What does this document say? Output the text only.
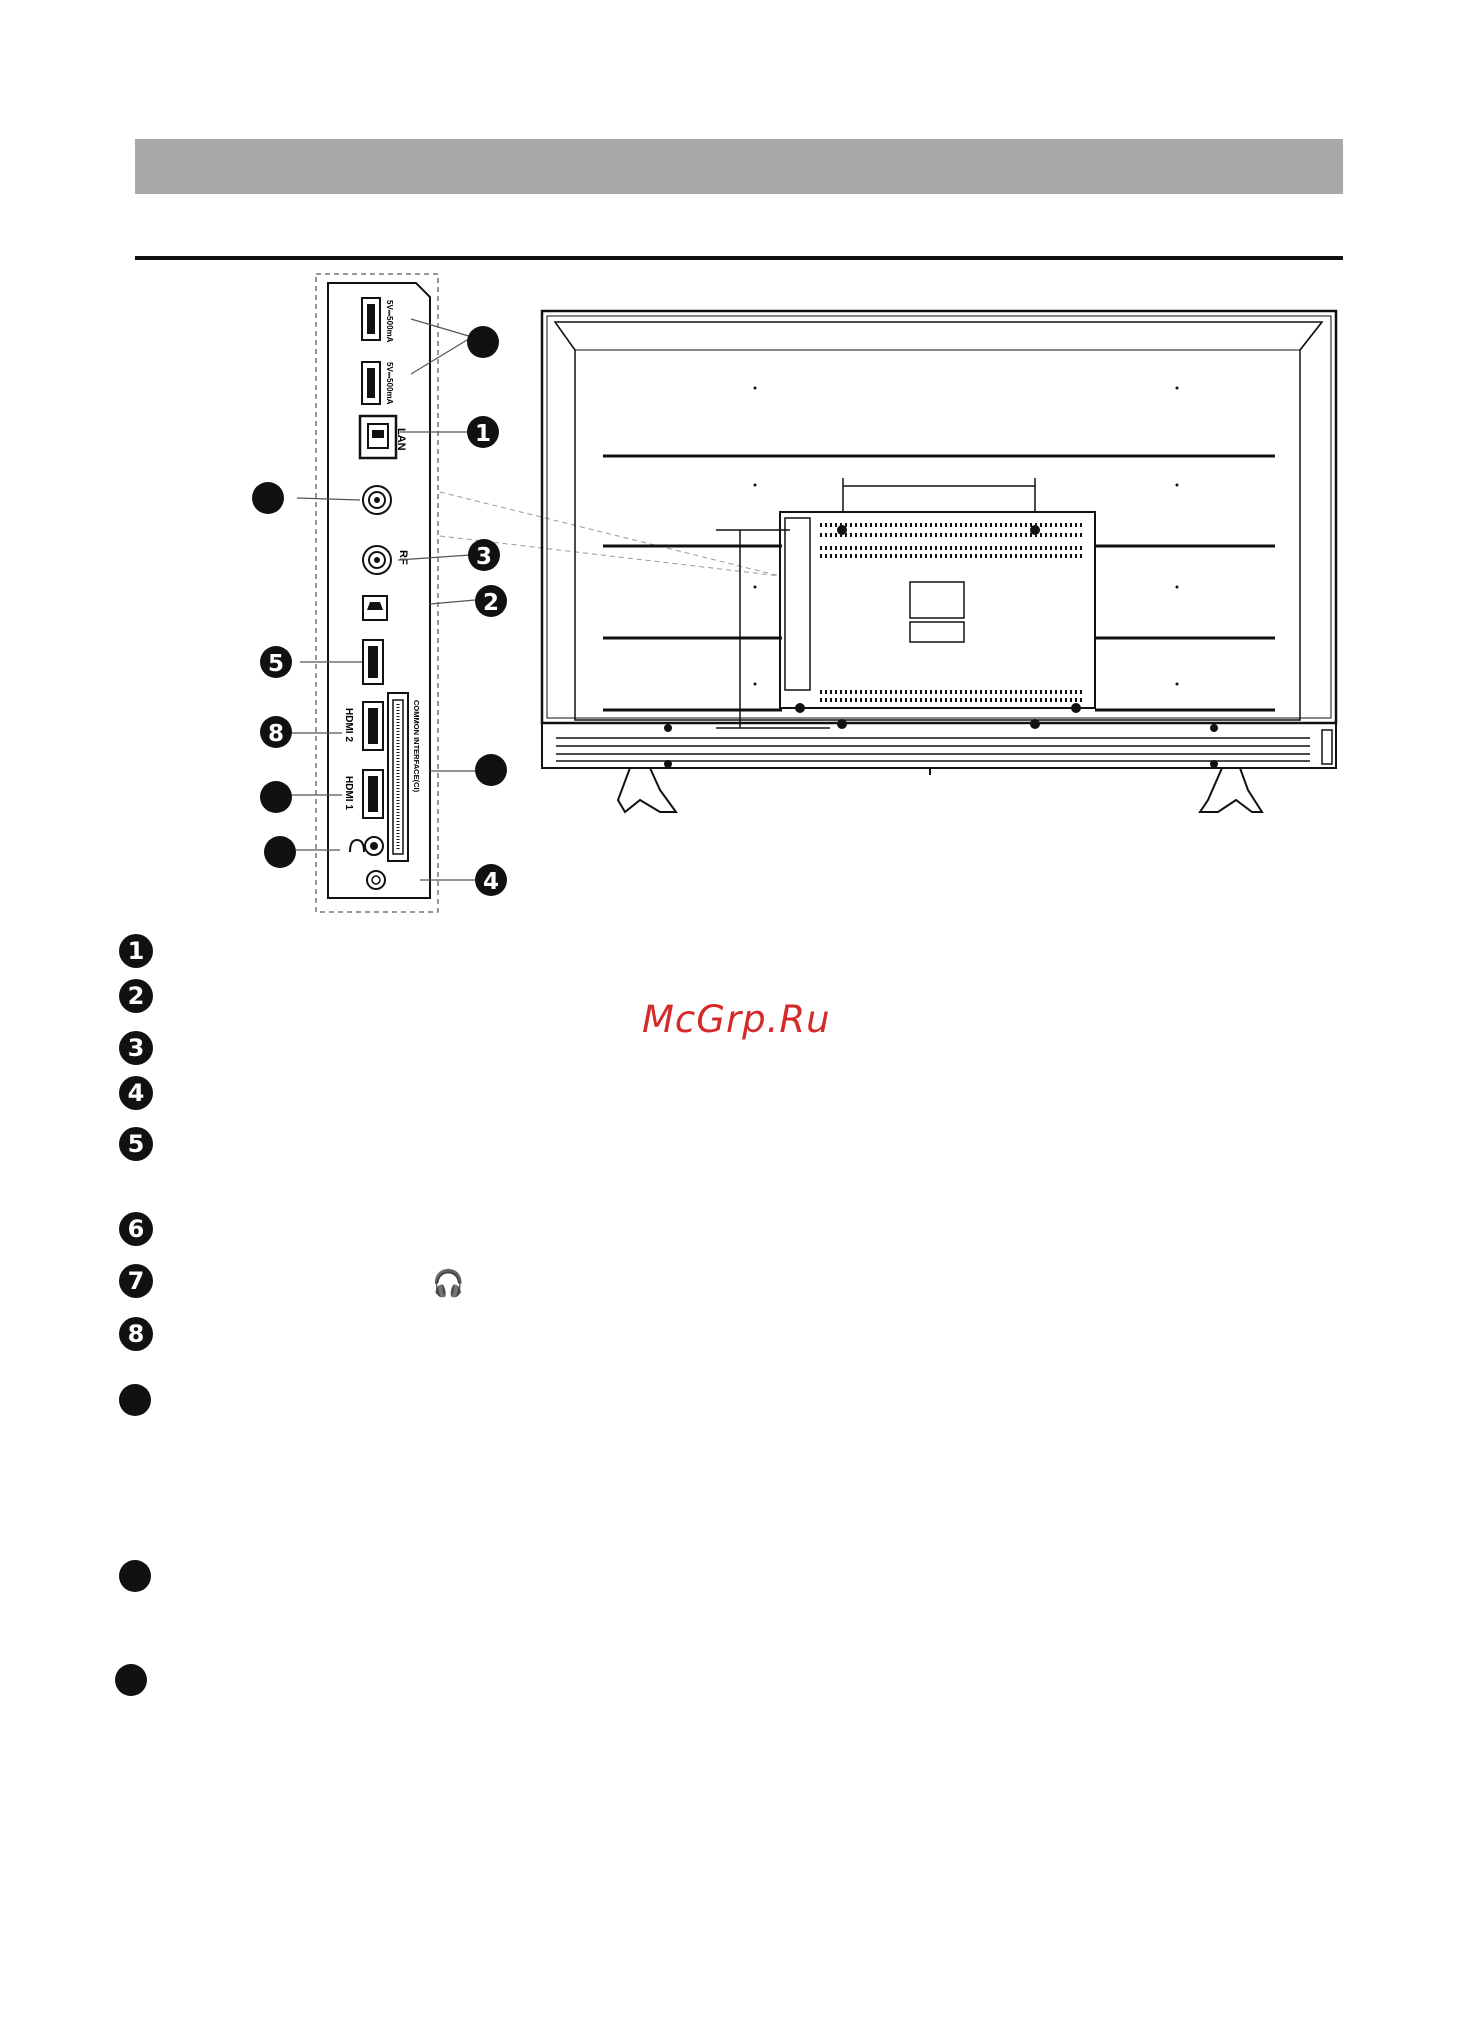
5V⎓500mA
5V⎓500mA
LAN
RF
HDMI 2
HDMI 1
COMMON INTERFACE(CI)
1
3
2
5
8
4
1
2
3
4
5
6
7
8
🎧
McGrp.Ru
